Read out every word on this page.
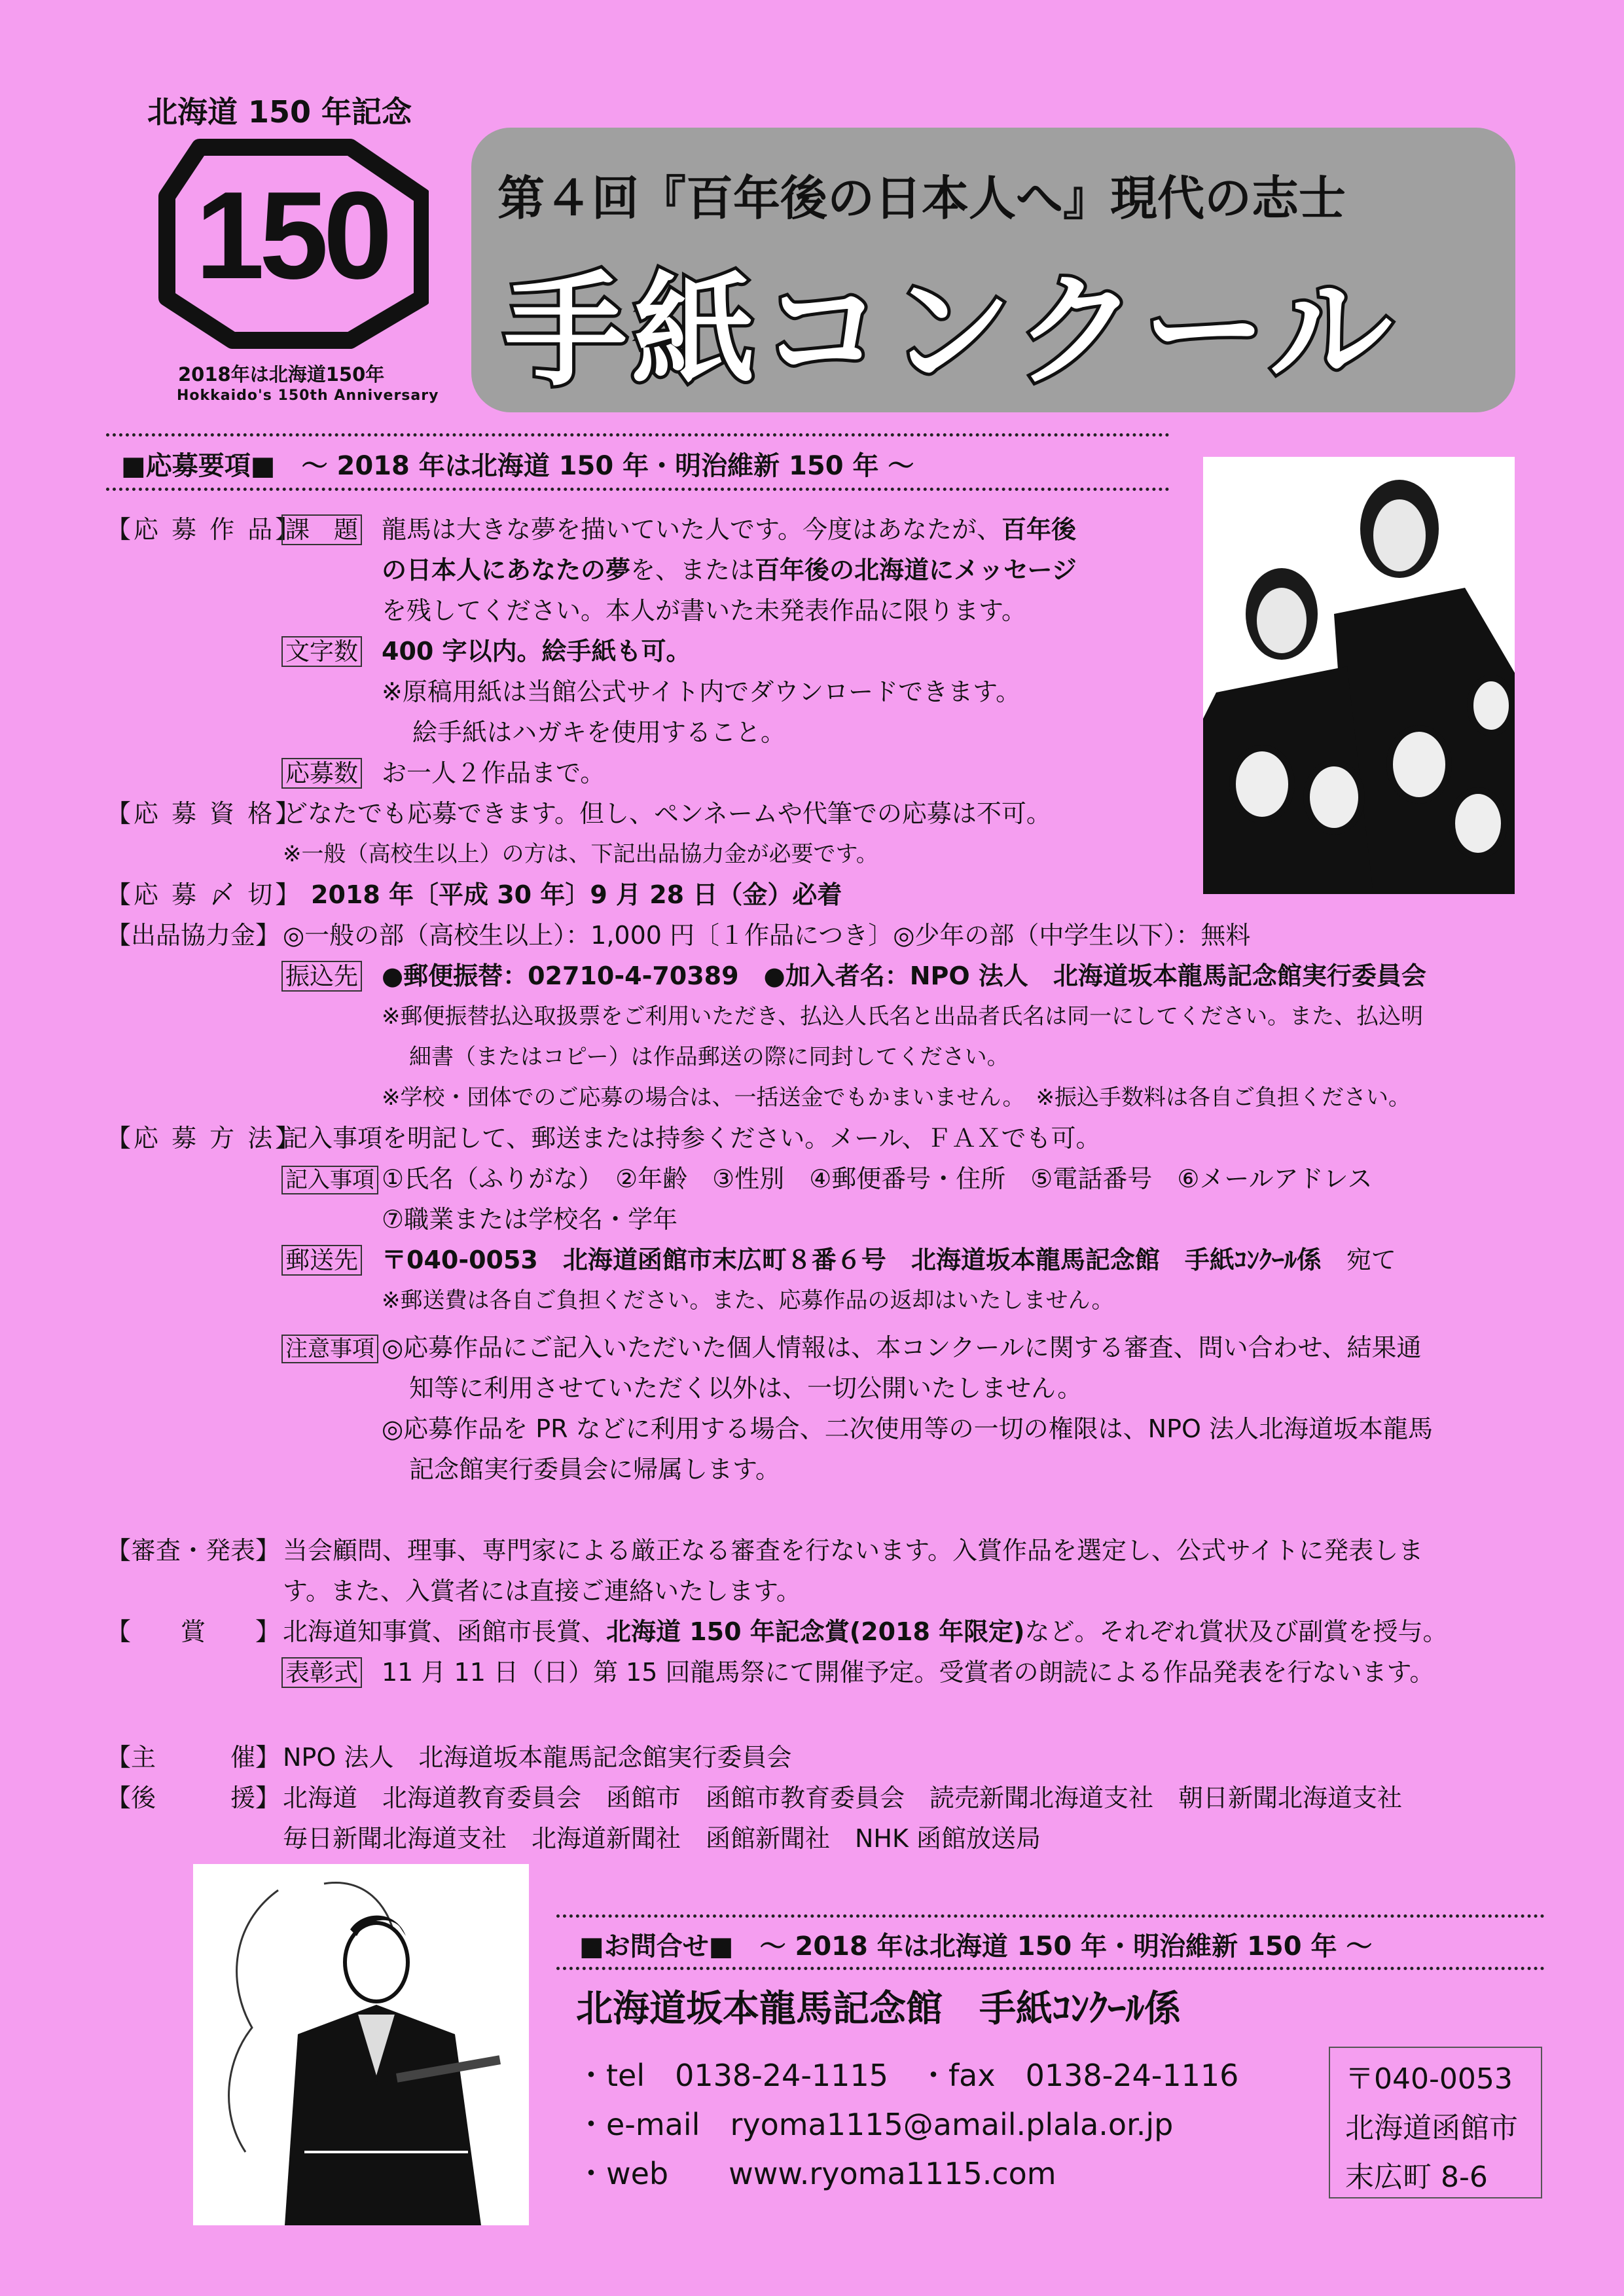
北海道 150 年記念
150
2018年は北海道150年
Hokkaido's 150th Anniversary
第４回『百年後の日本人へ』現代の志士
手紙コンクール
■応募要項■　～ 2018 年は北海道 150 年・明治維新 150 年 ～
【応 募 作 品】
課　題 龍馬は大きな夢を描いていた人です。今度はあなたが、百年後
の日本人にあなたの夢を、または百年後の北海道にメッセージ
を残してください。本人が書いた未発表作品に限ります。
文字数 400 字以内。絵手紙も可。
※原稿用紙は当館公式サイト内でダウンロードできます。
絵手紙はハガキを使用すること。
応募数 お一人２作品まで。
【応 募 資 格】
どなたでも応募できます。但し、ペンネームや代筆での応募は不可。
※一般（高校生以上）の方は、下記出品協力金が必要です。
【応 募 〆 切】 2018 年〔平成 30 年〕9 月 28 日（金）必着
【出品協力金】 ◎一般の部（高校生以上）：1,000 円〔１作品につき〕◎少年の部（中学生以下）：無料
振込先 ●郵便振替：02710-4-70389　●加入者名：NPO 法人　北海道坂本龍馬記念館実行委員会
※郵便振替払込取扱票をご利用いただき、払込人氏名と出品者氏名は同一にしてください。また、払込明
細書（またはコピー）は作品郵送の際に同封してください。
※学校・団体でのご応募の場合は、一括送金でもかまいません。　※振込手数料は各自ご負担ください。
【応 募 方 法】
記入事項を明記して、郵送または持参ください。メール、ＦＡＸでも可。
記入事項 ①氏名（ふりがな）　②年齢　③性別　④郵便番号・住所　⑤電話番号　⑥メールアドレス
⑦職業または学校名・学年
郵送先 〒040-0053　北海道函館市末広町８番６号　北海道坂本龍馬記念館　手紙ｺﾝｸｰﾙ係　 宛て
※郵送費は各自ご負担ください。また、応募作品の返却はいたしません。
注意事項 ◎応募作品にご記入いただいた個人情報は、本コンクールに関する審査、問い合わせ、結果通
知等に利用させていただく以外は、一切公開いたしません。
◎応募作品を PR などに利用する場合、二次使用等の一切の権限は、NPO 法人北海道坂本龍馬
記念館実行委員会に帰属します。
【審査・発表】 当会顧問、理事、専門家による厳正なる審査を行ないます。入賞作品を選定し、公式サイトに発表しま
す。また、入賞者には直接ご連絡いたします。
【　　賞　　】 北海道知事賞、函館市長賞、北海道 150 年記念賞(2018 年限定)など。それぞれ賞状及び副賞を授与。
表彰式 11 月 11 日（日）第 15 回龍馬祭にて開催予定。受賞者の朗読による作品発表を行ないます。
【主　　　催】 NPO 法人　北海道坂本龍馬記念館実行委員会
【後　　　援】 北海道　北海道教育委員会　函館市　函館市教育委員会　読売新聞北海道支社　朝日新聞北海道支社
毎日新聞北海道支社　北海道新聞社　函館新聞社　NHK 函館放送局
■お問合せ■　～ 2018 年は北海道 150 年・明治維新 150 年 ～
北海道坂本龍馬記念館　手紙ｺﾝｸｰﾙ係
・tel　0138-24-1115　・fax　0138-24-1116
・e-mail　ryoma1115@amail.plala.or.jp
・web　　www.ryoma1115.com
〒040-0053
北海道函館市
末広町 8-6
